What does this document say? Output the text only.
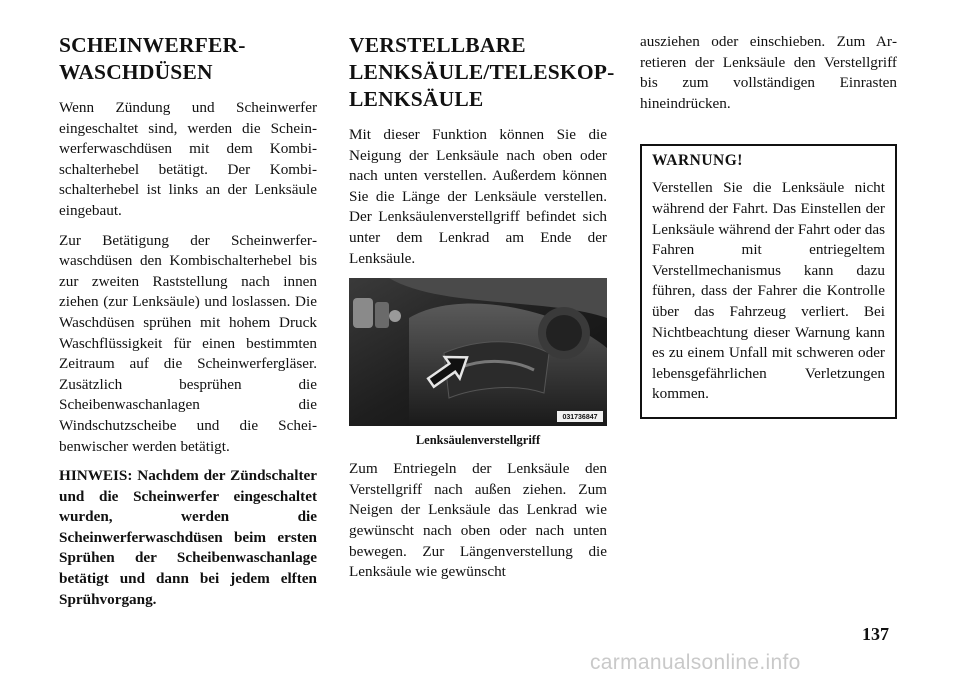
SCHEINWERFER-
WASCHDÜSEN

Wenn Zündung und Scheinwerfer eingeschaltet sind, werden die Scheinwerferwaschdüsen mit dem Kombischalterhebel betätigt. Der Kombischalterhebel ist links an der Lenksäule eingebaut.

Zur Betätigung der Scheinwerferwaschdüsen den Kombischalterhebel bis zur zweiten Raststellung nach innen ziehen (zur Lenksäule) und loslassen. Die Waschdüsen sprühen mit hohem Druck Waschflüssigkeit für einen bestimmten Zeitraum auf die Scheinwerfergläser. Zusätzlich besprühen die Scheibenwaschanlagen die Windschutzscheibe und die Scheibenwischer werden betätigt.

HINWEIS: Nachdem der Zündschalter und die Scheinwerfer eingeschaltet wurden, werden die Scheinwerferwaschdüsen beim ersten Sprühen der Scheibenwaschanlage betätigt und dann bei jedem elften Sprühvorgang.

VERSTELLBARE
LENKSÄULE/TELESKOP-
LENKSÄULE

Mit dieser Funktion können Sie die Neigung der Lenksäule nach oben oder nach unten verstellen. Außerdem können Sie die Länge der Lenksäule verstellen. Der Lenksäulenverstellgriff befindet sich unter dem Lenkrad am Ende der Lenksäule.

031736847
Lenksäulenverstellgriff

Zum Entriegeln der Lenksäule den Verstellgriff nach außen ziehen. Zum Neigen der Lenksäule das Lenkrad wie gewünscht nach oben oder nach unten bewegen. Zur Längenverstellung die Lenksäule wie gewünscht

ausziehen oder einschieben. Zum Arretieren der Lenksäule den Verstellgriff bis zum vollständigen Einrasten hineindrücken.

WARNUNG!

Verstellen Sie die Lenksäule nicht während der Fahrt. Das Einstellen der Lenksäule während der Fahrt oder das Fahren mit entriegeltem Verstellmechanismus kann dazu führen, dass der Fahrer die Kontrolle über das Fahrzeug verliert. Bei Nichtbeachtung dieser Warnung kann es zu einem Unfall mit schweren oder lebensgefährlichen Verletzungen kommen.

137
carmanualsonline.info
